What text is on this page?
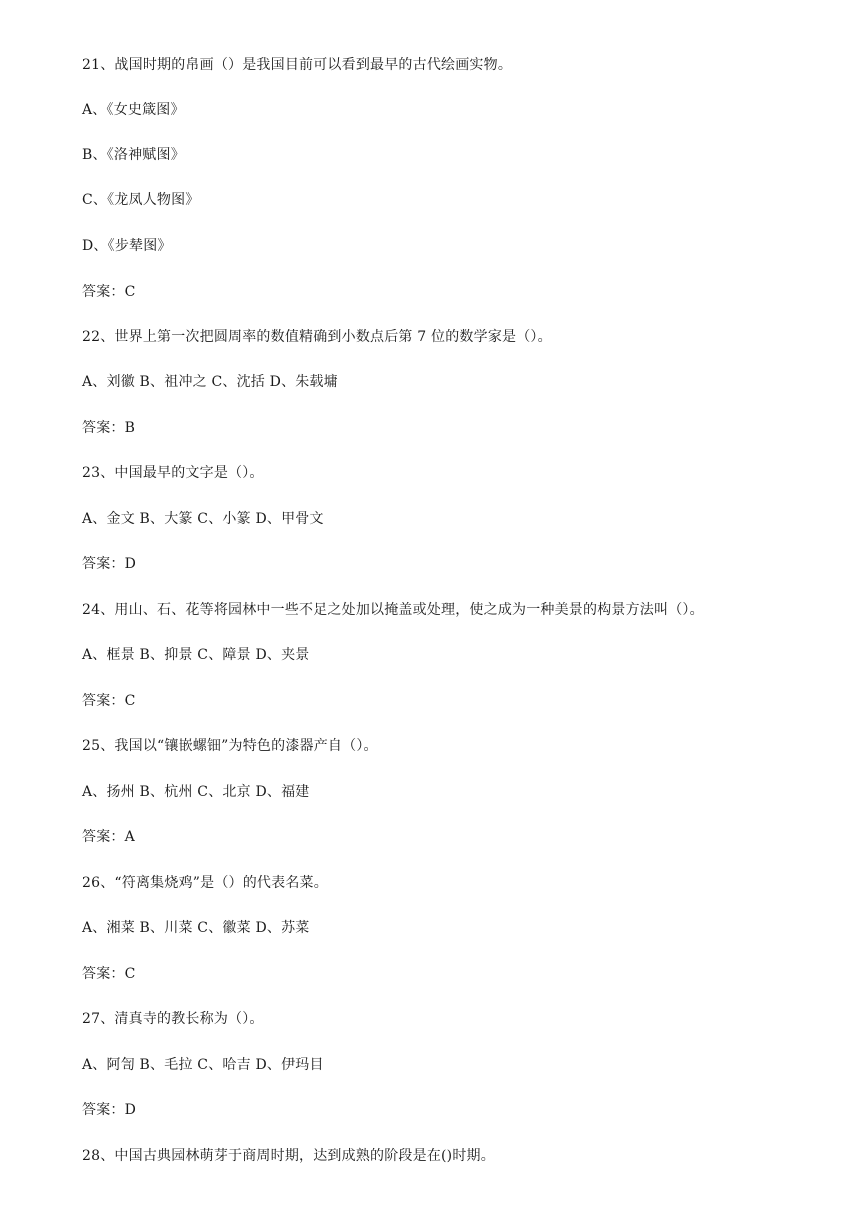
21、战国时期的帛画（）是我国目前可以看到最早的古代绘画实物。
A、《女史箴图》
B、《洛神赋图》
C、《龙凤人物图》
D、《步辇图》
答案：C
22、世界上第一次把圆周率的数值精确到小数点后第 7 位的数学家是（）。
A、刘徽 B、祖冲之 C、沈括 D、朱载墉
答案：B
23、中国最早的文字是（）。
A、金文 B、大篆 C、小篆 D、甲骨文
答案：D
24、用山、石、花等将园林中一些不足之处加以掩盖或处理，使之成为一种美景的构景方法叫（）。
A、框景 B、抑景 C、障景 D、夹景
答案：C
25、我国以“镶嵌螺钿”为特色的漆器产自（）。
A、扬州 B、杭州 C、北京 D、福建
答案：A
26、“符离集烧鸡”是（）的代表名菜。
A、湘菜 B、川菜 C、徽菜 D、苏菜
答案：C
27、清真寺的教长称为（）。
A、阿訇 B、毛拉 C、哈吉 D、伊玛目
答案：D
28、中国古典园林萌芽于商周时期，达到成熟的阶段是在()时期。
